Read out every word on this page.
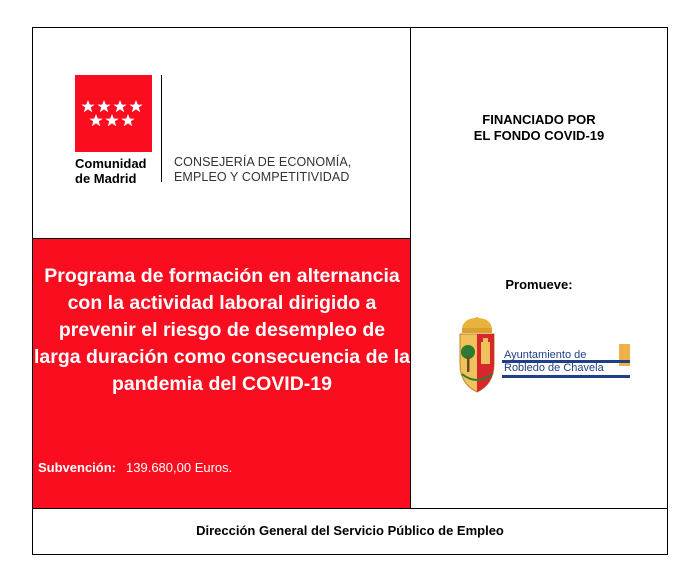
Comunidad
de Madrid
CONSEJERÍA DE ECONOMÍA,
EMPLEO Y COMPETITIVIDAD
Programa de formación en alternancia con la actividad laboral dirigido a prevenir el riesgo de desempleo de larga duración como consecuencia de la pandemia del COVID-19
Subvención: 139.680,00 Euros.
FINANCIADO POR
EL FONDO COVID-19
Promueve:
Ayuntamiento de
Robledo de Chavela
Dirección General del Servicio Público de Empleo
